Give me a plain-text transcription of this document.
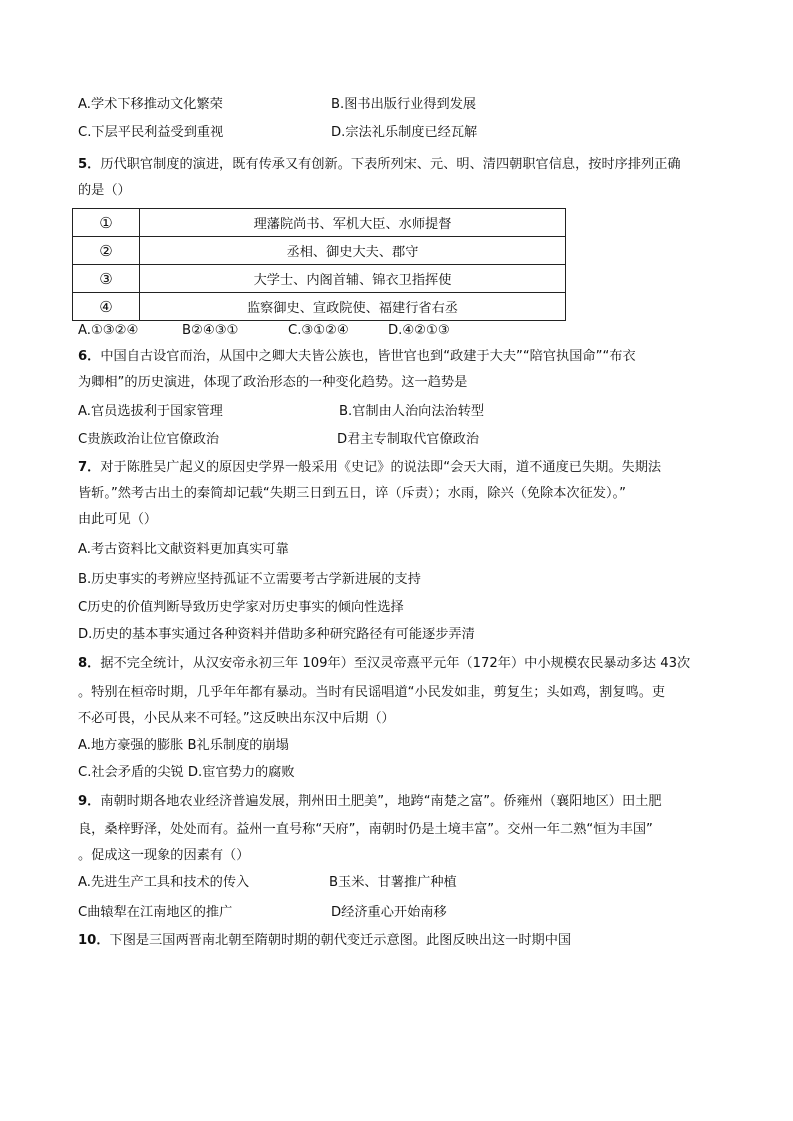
A.学术下移推动文化繁荣	B.图书出版行业得到发展
C.下层平民利益受到重视	D.宗法礼乐制度已经瓦解
5．历代职官制度的演进，既有传承又有创新。下表所列宋、元、明、清四朝职官信息，按时序排列正确
的是（）
①	理藩院尚书、军机大臣、水师提督
②	丞相、御史大夫、郡守
③	大学士、内阁首辅、锦衣卫指挥使
④	监察御史、宣政院使、福建行省右丞
A.①③②④	B②④③①	C.③①②④	D.④②①③
6．中国自古设官而治，从国中之卿大夫皆公族也，皆世官也到“政建于大夫”“陪官执国命”“布衣
为卿相”的历史演进，体现了政治形态的一种变化趋势。这一趋势是
A.官员选拔利于国家管理	B.官制由人治向法治转型
C贵族政治让位官僚政治	D君主专制取代官僚政治
7．对于陈胜吴广起义的原因史学界一般采用《史记》的说法即“会天大雨，道不通度已失期。失期法
皆斩。”然考古出土的秦简却记载“失期三日到五日，谇（斥责）；水雨，除兴（免除本次征发）。”
由此可见（）
A.考古资料比文献资料更加真实可靠
B.历史事实的考辨应坚持孤证不立需要考古学新进展的支持
C历史的价值判断导致历史学家对历史事实的倾向性选择
D.历史的基本事实通过各种资料并借助多种研究路径有可能逐步弄清
8．据不完全统计，从汉安帝永初三年 109年）至汉灵帝熹平元年（172年）中小规模农民暴动多达 43次
。特别在桓帝时期，几乎年年都有暴动。当时有民谣唱道“小民发如韭，剪复生；头如鸡，割复鸣。吏
不必可畏，小民从来不可轻。”这反映出东汉中后期（）
A.地方豪强的膨胀 B礼乐制度的崩塌
C.社会矛盾的尖锐 D.宦官势力的腐败
9．南朝时期各地农业经济普遍发展，荆州田土肥美”，地跨“南楚之富”。侨雍州（襄阳地区）田土肥
良，桑梓野泽，处处而有。益州一直号称“天府”，南朝时仍是土境丰富”。交州一年二熟“恒为丰国”
。促成这一现象的因素有（）
A.先进生产工具和技术的传入	B玉米、甘薯推广种植
C曲辕犁在江南地区的推广	D经济重心开始南移
10．下图是三国两晋南北朝至隋朝时期的朝代变迁示意图。此图反映出这一时期中国
